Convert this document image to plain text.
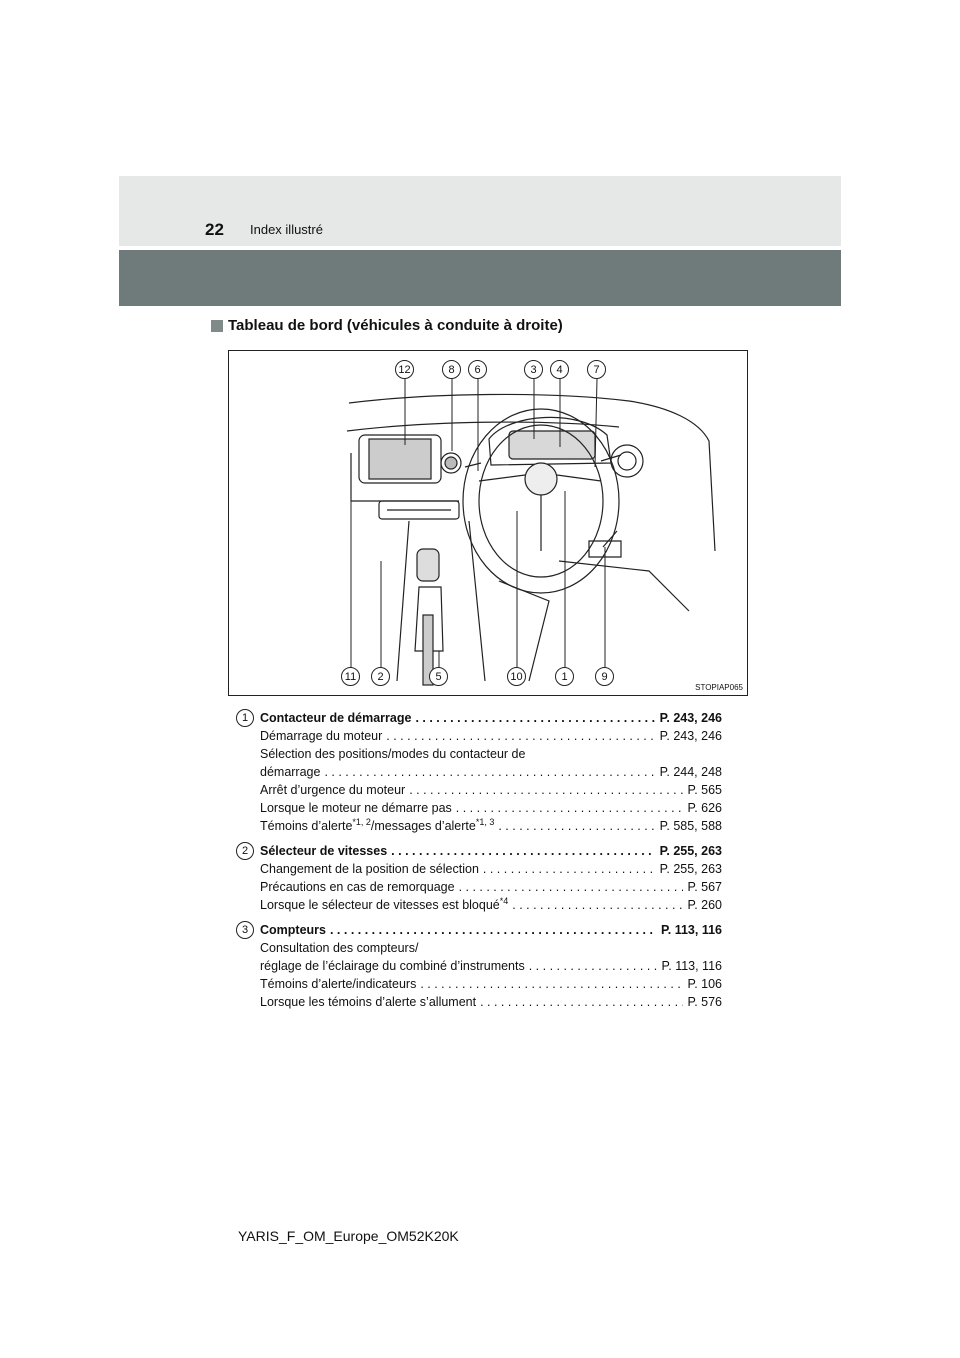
22 Index illustré
Tableau de bord (véhicules à conduite à droite)
12	8	6	3	4	7
11	2	5	10	1	9
STOPIAP065
1 Contacteur de démarrage . . .	P. 243, 246
Démarrage du moteur . . .	P. 243, 246
Sélection des positions/modes du contacteur de
démarrage . . .	P. 244, 248
Arrêt d’urgence du moteur . . .	P. 565
Lorsque le moteur ne démarre pas . . .	P. 626
Témoins d’alerte$^{*1, 2}$/messages d’alerte$^{*1, 3}$ . . .	P. 585, 588
2 Sélecteur de vitesses . . .	P. 255, 263
Changement de la position de sélection . . .	P. 255, 263
Précautions en cas de remorquage . . .	P. 567
Lorsque le sélecteur de vitesses est bloqué$^{*4}$ . . .	P. 260
3 Compteurs . . .	P. 113, 116
Consultation des compteurs/
réglage de l’éclairage du combiné d’instruments . . .	P. 113, 116
Témoins d’alerte/indicateurs . . .	P. 106
Lorsque les témoins d’alerte s’allument . . .	P. 576
YARIS_F_OM_Europe_OM52K20K
